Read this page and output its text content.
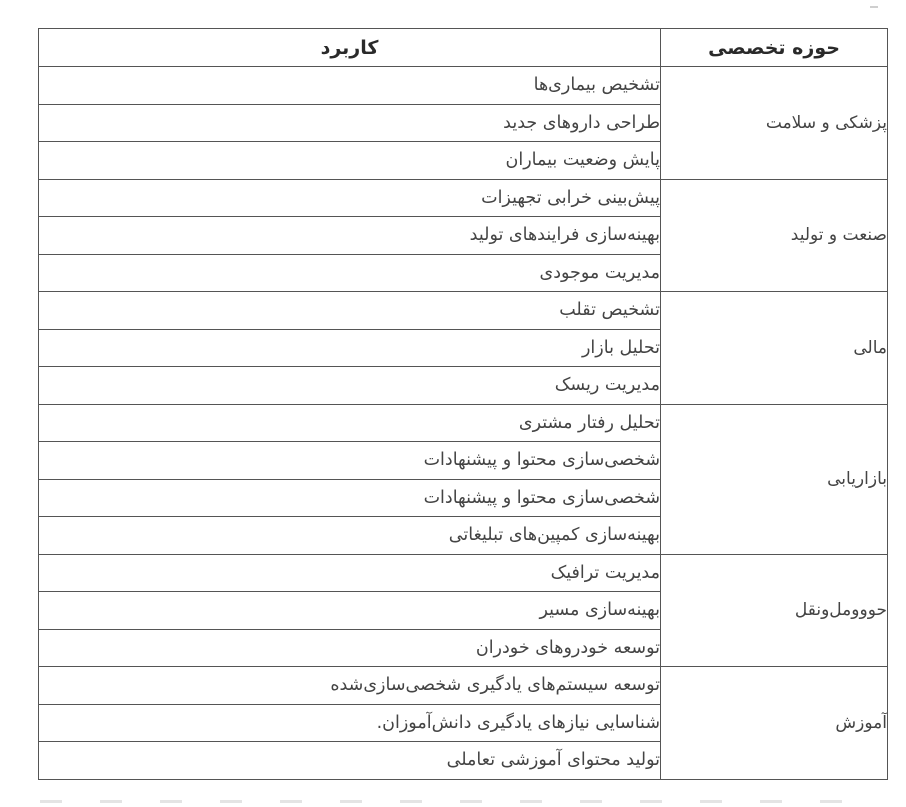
حوزه تخصصی	کاربرد
پزشکی و سلامت	تشخیص بیماری‌ها
	طراحی داروهای جدید
	پایش وضعیت بیماران
صنعت و تولید	پیش‌بینی خرابی تجهیزات
	بهینه‌سازی فرایندهای تولید
	مدیریت موجودی
مالی	تشخیص تقلب
	تحلیل بازار
	مدیریت ریسک
بازاریابی	تحلیل رفتار مشتری
	شخصی‌سازی محتوا و پیشنهادات
	شخصی‌سازی محتوا و پیشنهادات
	بهینه‌سازی کمپین‌های تبلیغاتی
حووومل‌ونقل	مدیریت ترافیک
	بهینه‌سازی مسیر
	توسعه خودروهای خودران
آموزش	توسعه سیستم‌های یادگیری شخصی‌سازی‌شده
	شناسایی نیازهای یادگیری دانش‌آموزان.
	تولید محتوای آموزشی تعاملی
